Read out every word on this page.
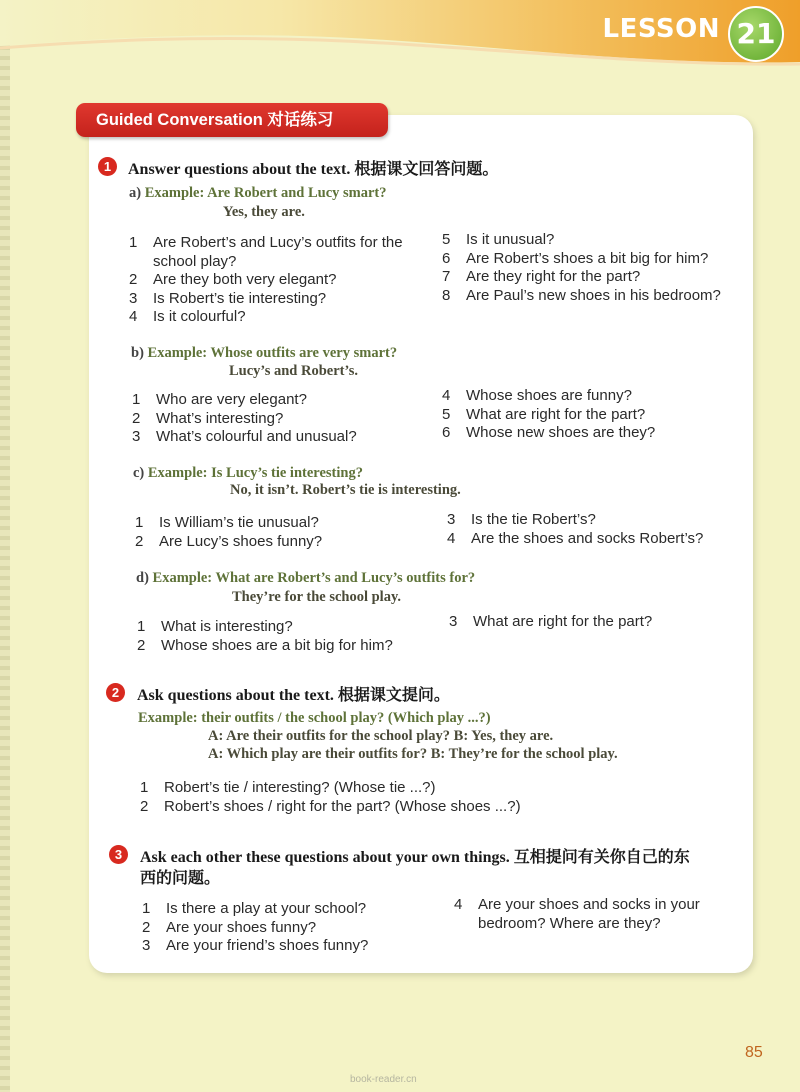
LESSON 21
Guided Conversation 对话练习
1	Answer questions about the text. 根据课文回答问题。
a) Example: Are Robert and Lucy smart?
Yes, they are.
1 Are Robert’s and Lucy’s outfits for the
school play?
2 Are they both very elegant?
3 Is Robert’s tie interesting?
4 Is it colourful?
5 Is it unusual?
6 Are Robert’s shoes a bit big for him?
7 Are they right for the part?
8 Are Paul’s new shoes in his bedroom?
b) Example: Whose outfits are very smart?
Lucy’s and Robert’s.
1 Who are very elegant?
2 What’s interesting?
3 What’s colourful and unusual?
4 Whose shoes are funny?
5 What are right for the part?
6 Whose new shoes are they?
c) Example: Is Lucy’s tie interesting?
No, it isn’t. Robert’s tie is interesting.
1 Is William’s tie unusual?
2 Are Lucy’s shoes funny?
3 Is the tie Robert’s?
4 Are the shoes and socks Robert’s?
d) Example: What are Robert’s and Lucy’s outfits for?
They’re for the school play.
1 What is interesting?
2 Whose shoes are a bit big for him?
3 What are right for the part?
2	Ask questions about the text. 根据课文提问。
Example: their outfits / the school play? (Which play ...?)
A: Are their outfits for the school play? B: Yes, they are.
A: Which play are their outfits for? B: They’re for the school play.
1 Robert’s tie / interesting? (Whose tie ...?)
2 Robert’s shoes / right for the part? (Whose shoes ...?)
3	Ask each other these questions about your own things. 互相提问有关你自己的东
西的问题。
1 Is there a play at your school?
2 Are your shoes funny?
3 Are your friend’s shoes funny?
4 Are your shoes and socks in your
bedroom? Where are they?
85
book-reader.cn
